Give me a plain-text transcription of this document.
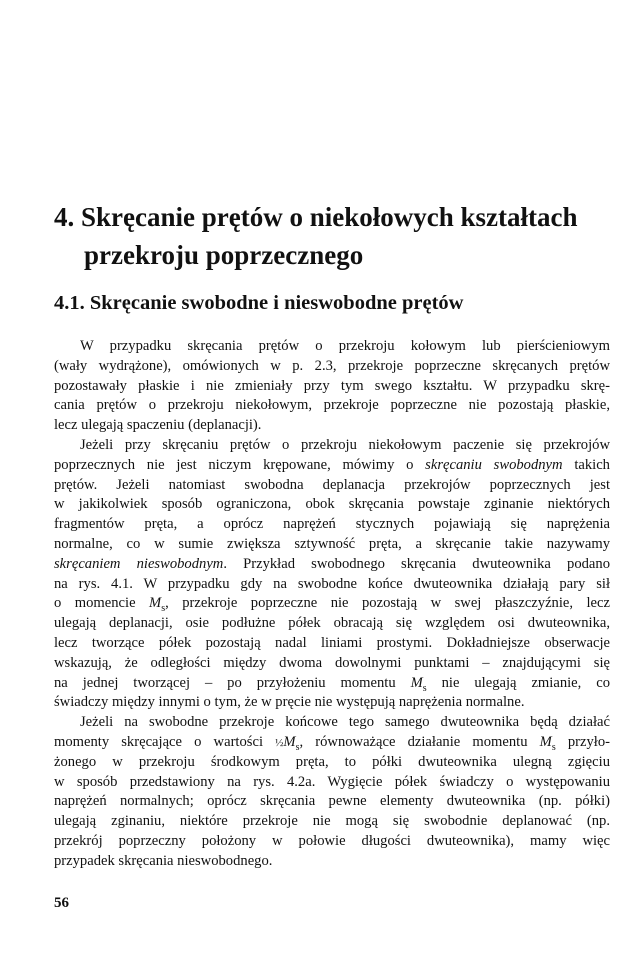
4. Skręcanie prętów o niekołowych kształtach

przekroju poprzecznego
4.1. Skręcanie swobodne i nieswobodne prętów
W przypadku skręcania prętów o przekroju kołowym lub pierścieniowym
(wały wydrążone), omówionych w p. 2.3, przekroje poprzeczne skręcanych prętów
pozostawały płaskie i nie zmieniały przy tym swego kształtu. W przypadku skrę-
cania prętów o przekroju niekołowym, przekroje poprzeczne nie pozostają płaskie,
lecz ulegają spaczeniu (deplanacji).
Jeżeli przy skręcaniu prętów o przekroju niekołowym paczenie się przekrojów
poprzecznych nie jest niczym krępowane, mówimy o skręcaniu swobodnym takich
prętów. Jeżeli natomiast swobodna deplanacja przekrojów poprzecznych jest
w jakikolwiek sposób ograniczona, obok skręcania powstaje zginanie niektórych
fragmentów pręta, a oprócz naprężeń stycznych pojawiają się naprężenia
normalne, co w sumie zwiększa sztywność pręta, a skręcanie takie nazywamy
skręcaniem nieswobodnym. Przykład swobodnego skręcania dwuteownika podano
na rys. 4.1. W przypadku gdy na swobodne końce dwuteownika działają pary sił
o momencie $M_s$, przekroje poprzeczne nie pozostają w swej płaszczyźnie, lecz
ulegają deplanacji, osie podłużne półek obracają się względem osi dwuteownika,
lecz tworzące półek pozostają nadal liniami prostymi. Dokładniejsze obserwacje
wskazują, że odległości między dwoma dowolnymi punktami – znajdującymi się
na jednej tworzącej – po przyłożeniu momentu $M_s$ nie ulegają zmianie, co
świadczy między innymi o tym, że w pręcie nie występują naprężenia normalne.
Jeżeli na swobodne przekroje końcowe tego samego dwuteownika będą działać
momenty skręcające o wartości $\frac{1}{2}M_s$, równoważące działanie momentu $M_s$ przyło-
żonego w przekroju środkowym pręta, to półki dwuteownika ulegną zgięciu
w sposób przedstawiony na rys. 4.2a. Wygięcie półek świadczy o występowaniu
naprężeń normalnych; oprócz skręcania pewne elementy dwuteownika (np. półki)
ulegają zginaniu, niektóre przekroje nie mogą się swobodnie deplanować (np.
przekrój poprzeczny położony w połowie długości dwuteownika), mamy więc
przypadek skręcania nieswobodnego.
56
